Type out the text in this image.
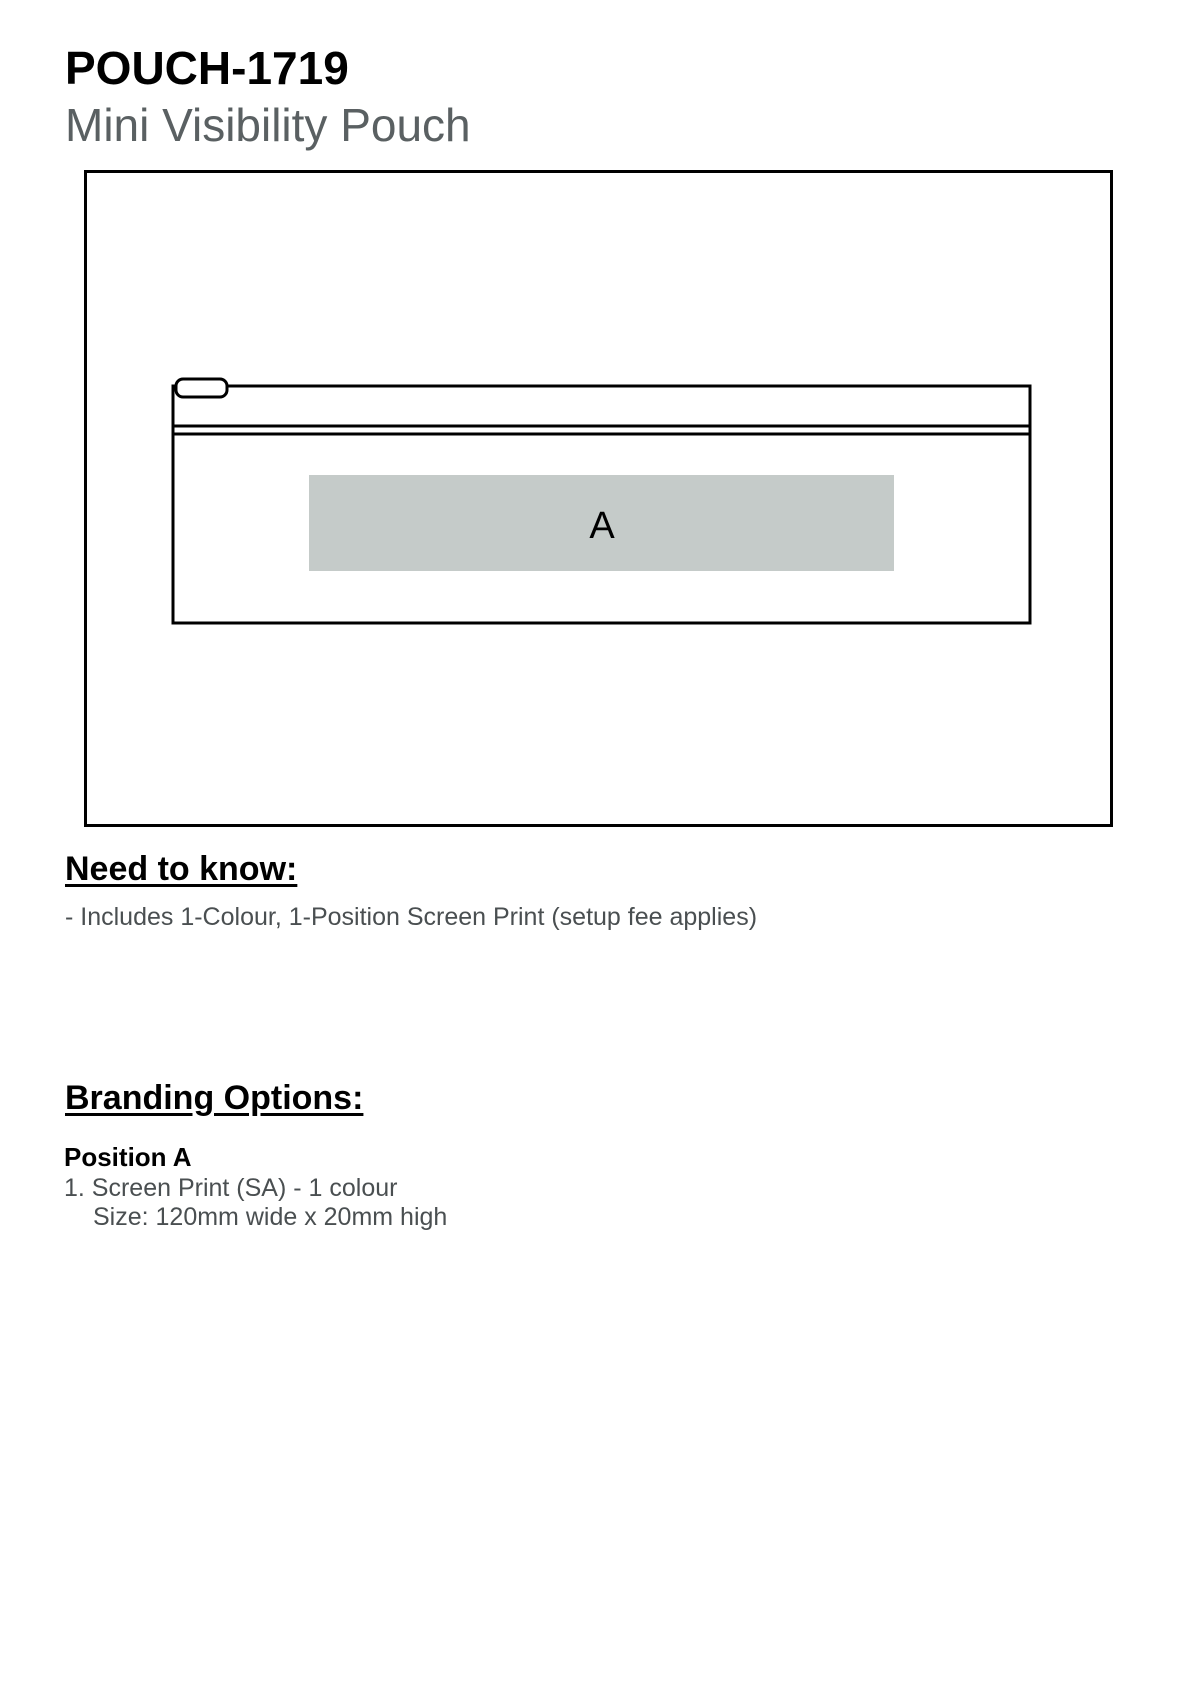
POUCH-1719
Mini Visibility Pouch
A
Need to know:
- Includes 1-Colour, 1-Position Screen Print (setup fee applies)
Branding Options:
Position A
1. Screen Print (SA) - 1 colour
Size: 120mm wide x 20mm high
